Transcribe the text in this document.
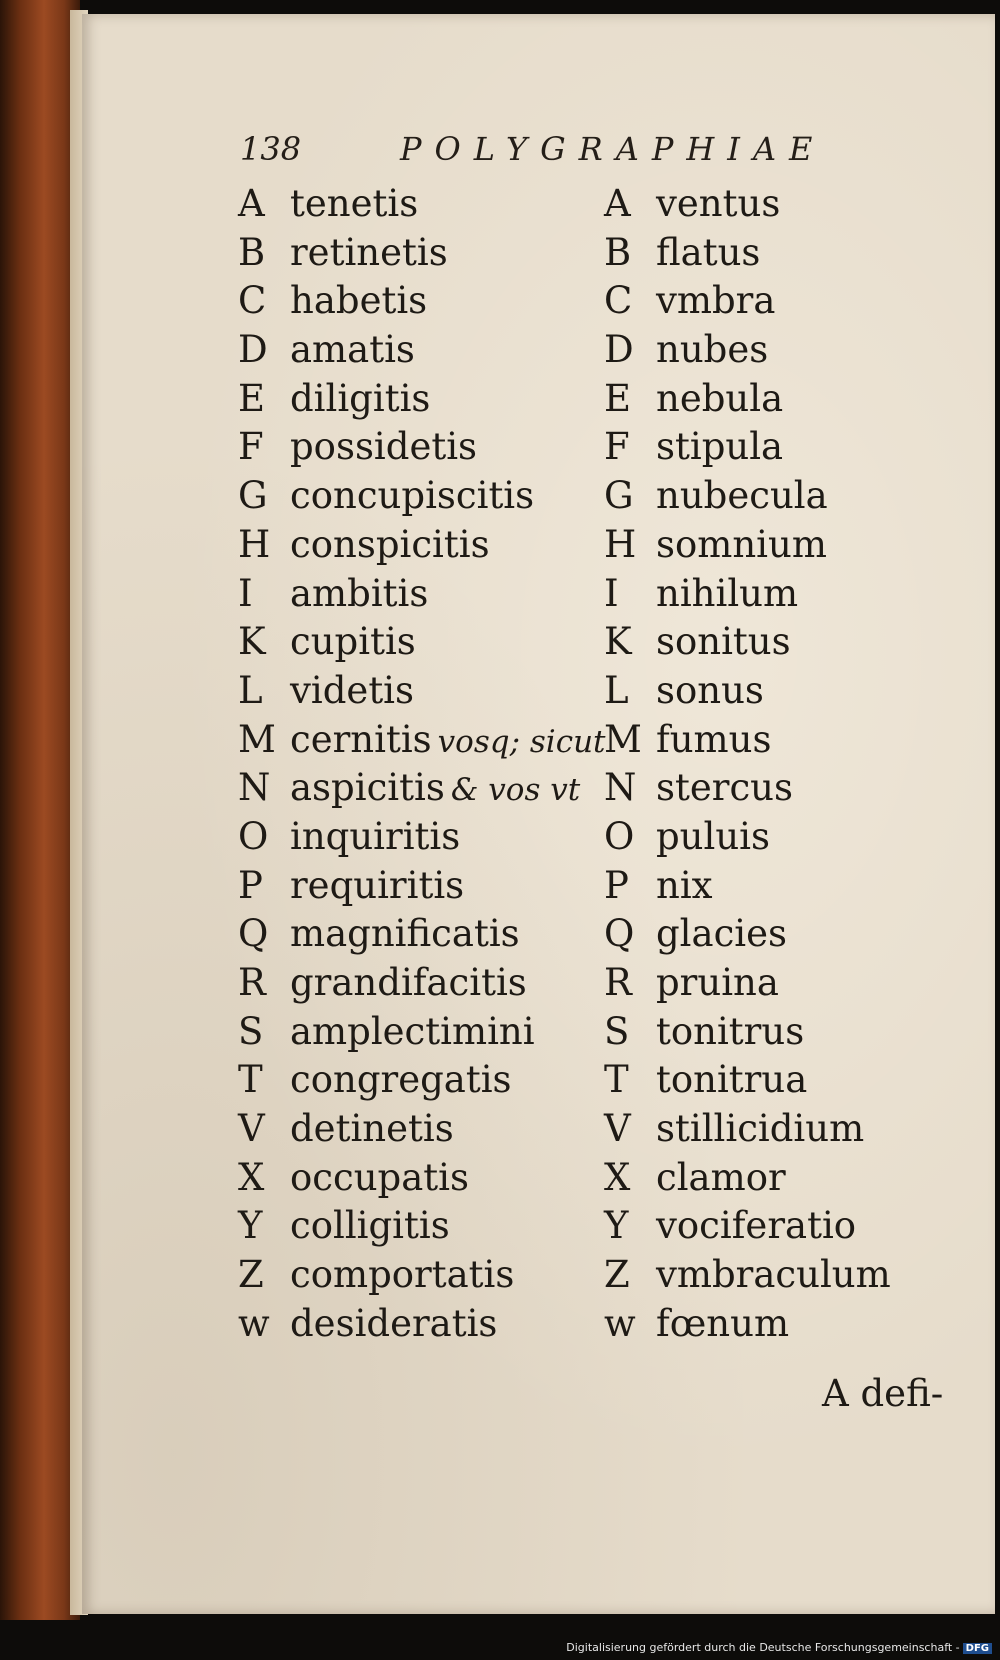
138	POLYGRAPHIAE
A tenetis
B retinetis
C habetis
D amatis
E diligitis
F possidetis
G concupiscitis
H conspicitis
I ambitis
K cupitis
L videtis
M cernitis vosq; sicut
N aspicitis & vos vt
O inquiritis
P requiritis
Q magnificatis
R grandifacitis
S amplectimini
T congregatis
V detinetis
X occupatis
Y colligitis
Z comportatis
w desideratis
A ventus
B flatus
C vmbra
D nubes
E nebula
F stipula
G nubecula
H somnium
I nihilum
K sonitus
L sonus
M fumus
N stercus
O puluis
P nix
Q glacies
R pruina
S tonitrus
T tonitrua
V stillicidium
X clamor
Y vociferatio
Z vmbraculum
w fœnum
A defi-
Digitalisierung gefördert durch die Deutsche Forschungsgemeinschaft - DFG
